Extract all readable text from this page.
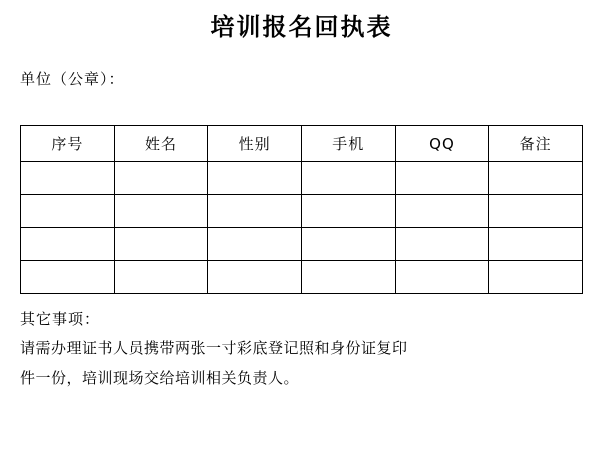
培训报名回执表
单位（公章）：
序号	姓名	性别	手机	QQ	备注

其它事项：
请需办理证书人员携带两张一寸彩底登记照和身份证复印
件一份，培训现场交给培训相关负责人。
